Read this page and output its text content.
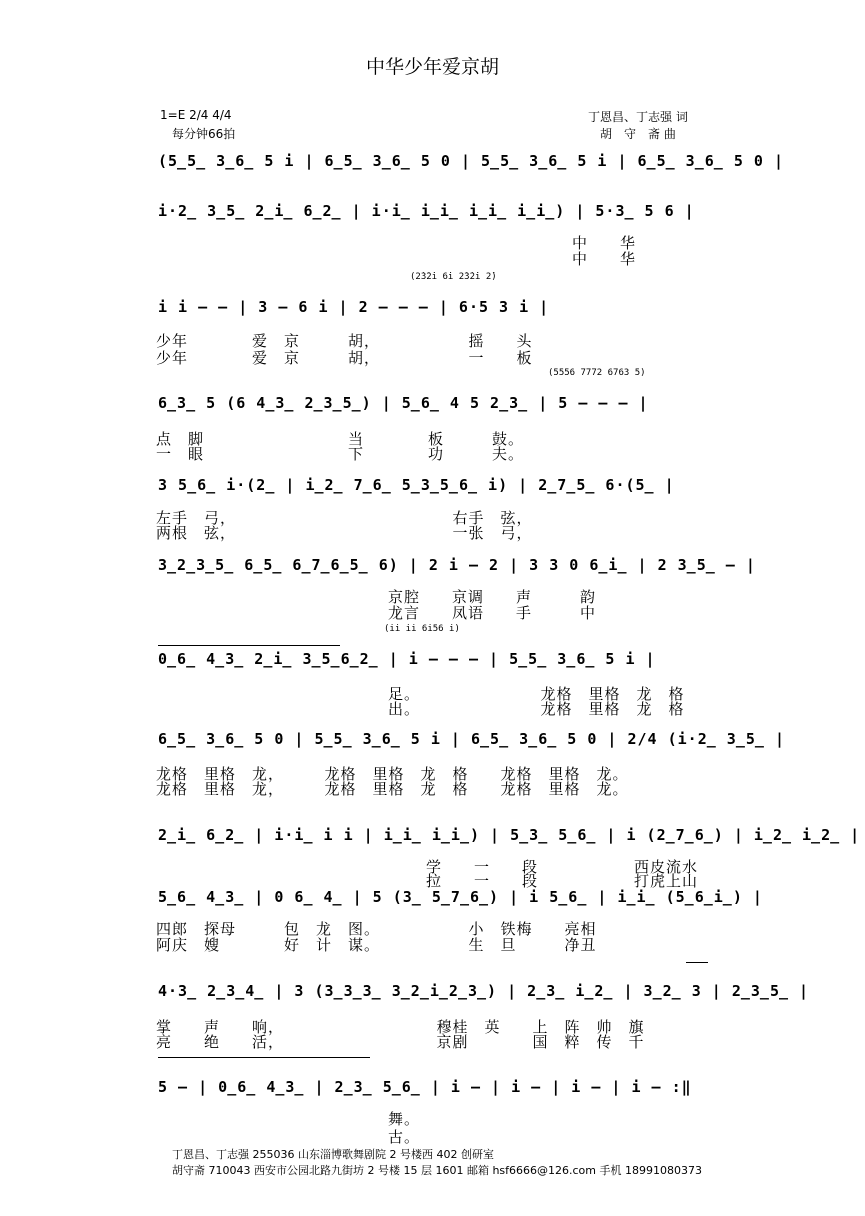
中华少年爱京胡
1=E 2/4 4/4
每分钟66拍
丁恩昌、丁志强 词
胡　守　斋 曲
(5̲5̲ 3̲6̲ 5 i | 6̲5̲ 3̲6̲ 5 0 | 5̲5̲ 3̲6̲ 5 i | 6̲5̲ 3̲6̲ 5 0 |
i·2̲ 3̲5̲ 2̲i̲ 6̲2̲ | i·i̲ i̲i̲ i̲i̲ i̲i̲) | 5·3̲ 5 6 |
中　　华
中　　华
(2̇3̇2̇i̇ 6̇i̇ 2̇3̇2̇i̇ 2̇)
i i — — | 3 — 6 i | 2 — — — | 6·5 3 i |
少年　　　　爱　京　　　胡，　　　　　　摇　　头
少年　　　　爱　京　　　胡，　　　　　　一　　板
(5556 7772 6763 5)
6̲3̲ 5 (6 4̲3̲ 2̲3̲5̲) | 5̲6̲ 4 5 2̲3̲ | 5 — — — |
点　脚　　　　　　　　　当　　　　板　　　鼓。
一　眼　　　　　　　　　下　　　　功　　　夫。
3 5̲6̲ i·(2̲ | i̲2̲ 7̲6̲ 5̲3̲5̲6̲ i) | 2̲7̲5̲ 6·(5̲ |
左手　弓，　　　　　　　　　　　　　　右手　弦，
两根　弦，　　　　　　　　　　　　　　一张　弓，
3̲2̲3̲5̲ 6̲5̲ 6̲7̲6̲5̲ 6) | 2 i — 2 | 3 3 0 6̲i̲ | 2 3̲5̲ — |
京腔　　京调　　声　　　韵
龙言　　凤语　　手　　　中
(i̇i̇ i̇i̇ 6i̇56 i̇)
0̲6̲ 4̲3̲ 2̲i̲ 3̲5̲6̲2̲ | i — — — | 5̲5̲ 3̲6̲ 5 i |
足。　　　　　　　　龙格　里格　龙　格
出。　　　　　　　　龙格　里格　龙　格
6̲5̲ 3̲6̲ 5 0 | 5̲5̲ 3̲6̲ 5 i | 6̲5̲ 3̲6̲ 5 0 | 2/4 (i·2̲ 3̲5̲ |
龙格　里格　龙，　　　龙格　里格　龙　格　　龙格　里格　龙。
龙格　里格　龙，　　　龙格　里格　龙　格　　龙格　里格　龙。
2̲i̲ 6̲2̲ | i·i̲ i i | i̲i̲ i̲i̲) | 5̲3̲ 5̲6̲ | i (2̲7̲6̲) | i̲2̲ i̲2̲ |
学　　一　　段　　　　　　西皮流水
拉　　一　　段　　　　　　打虎上山
5̲6̲ 4̲3̲ | 0 6̲ 4̲ | 5 (3̲ 5̲7̲6̲) | i 5̲6̲ | i̲i̲ (5̲6̲i̲) |
四郎　探母　　　包　龙　图。　　　　　　小　铁梅　　亮相
阿庆　嫂　　　　好　计　谋。　　　　　　生　旦　　　净丑
4·3̲ 2̲3̲4̲ | 3 (3̲3̲3̲ 3̲2̲i̲2̲3̲) | 2̲3̲ i̲2̲ | 3̲2̲ 3 | 2̲3̲5̲ |
掌　　声　　响，　　　　　　　　　　穆桂　英　　上　阵　帅　旗
亮　　绝　　活，　　　　　　　　　　京剧　　　　国　粹　传　千
5 — | 0̲6̲ 4̲3̲ | 2̲3̲ 5̲6̲ | i — | i — | i — | i — :‖
舞。
古。
丁恩昌、丁志强 255036 山东淄博歌舞剧院 2 号楼西 402 创研室
胡守斋 710043 西安市公园北路九街坊 2 号楼 15 层 1601 邮箱 hsf6666@126.com 手机 18991080373
